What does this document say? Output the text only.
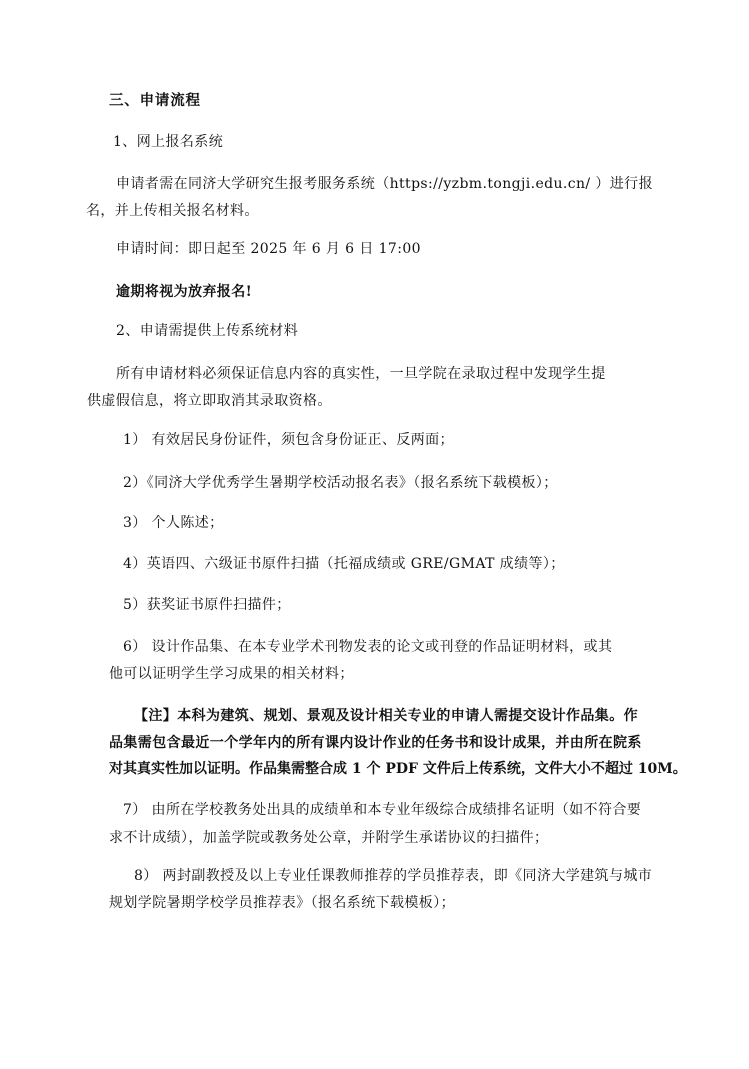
三、申请流程

1、网上报名系统

申请者需在同济大学研究生报考服务系统（https://yzbm.tongji.edu.cn/ ）进行报

名，并上传相关报名材料。

申请时间：即日起至 2025 年 6 月 6 日 17:00

逾期将视为放弃报名!

2、申请需提供上传系统材料

所有申请材料必须保证信息内容的真实性，一旦学院在录取过程中发现学生提

供虚假信息，将立即取消其录取资格。

1） 有效居民身份证件，须包含身份证正、反两面；

2）《同济大学优秀学生暑期学校活动报名表》（报名系统下载模板）；

3） 个人陈述；

4）英语四、六级证书原件扫描（托福成绩或 GRE/GMAT 成绩等）；

5）获奖证书原件扫描件；

6） 设计作品集、在本专业学术刊物发表的论文或刊登的作品证明材料，或其

他可以证明学生学习成果的相关材料；

【注】本科为建筑、规划、景观及设计相关专业的申请人需提交设计作品集。作

品集需包含最近一个学年内的所有课内设计作业的任务书和设计成果，并由所在院系

对其真实性加以证明。作品集需整合成 1 个 PDF 文件后上传系统，文件大小不超过 10M。

7） 由所在学校教务处出具的成绩单和本专业年级综合成绩排名证明（如不符合要

求不计成绩），加盖学院或教务处公章，并附学生承诺协议的扫描件；

8） 两封副教授及以上专业任课教师推荐的学员推荐表，即《同济大学建筑与城市

规划学院暑期学校学员推荐表》（报名系统下载模板）；
